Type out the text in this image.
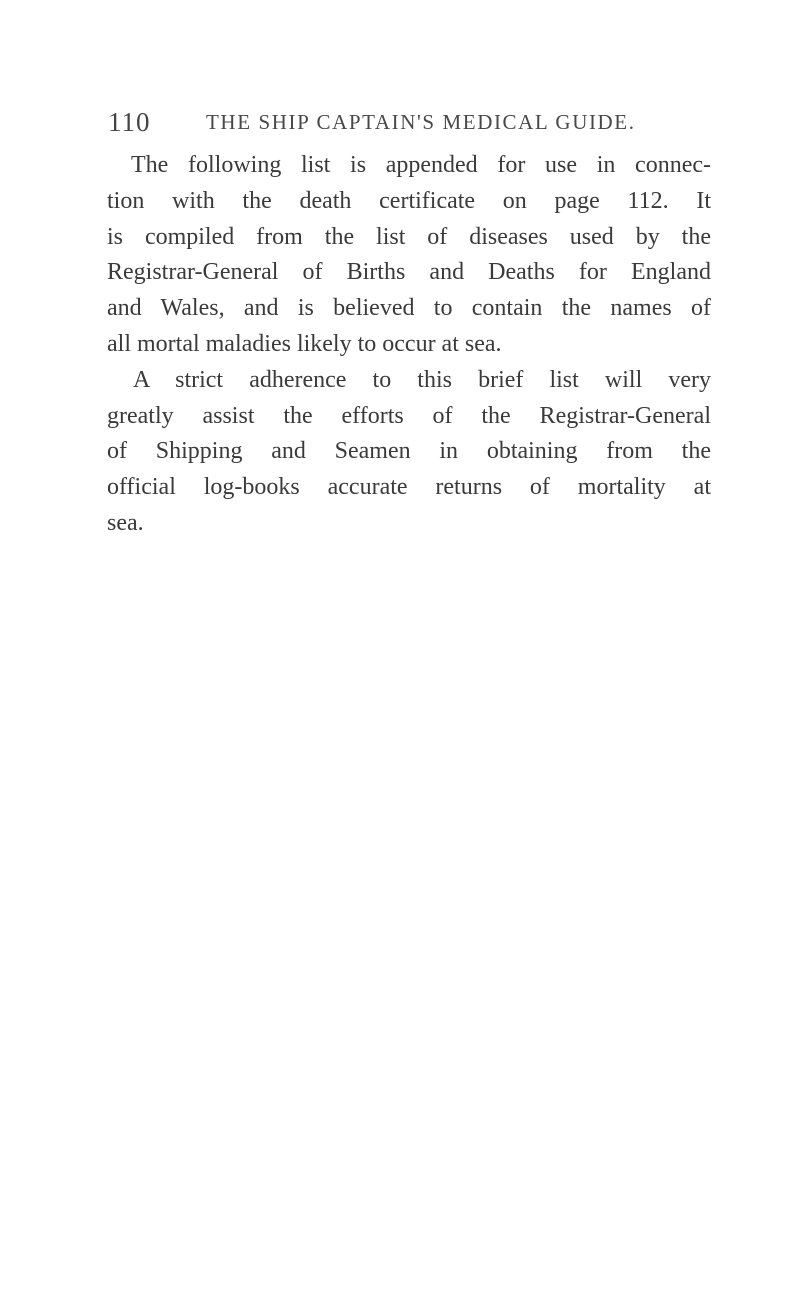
110	THE SHIP CAPTAIN'S MEDICAL GUIDE.
The following list is appended for use in connec-
tion with the death certificate on page 112. It
is compiled from the list of diseases used by the
Registrar-General of Births and Deaths for England
and Wales, and is believed to contain the names of
all mortal maladies likely to occur at sea.
A strict adherence to this brief list will very
greatly assist the efforts of the Registrar-General
of Shipping and Seamen in obtaining from the
official log-books accurate returns of mortality at
sea.
